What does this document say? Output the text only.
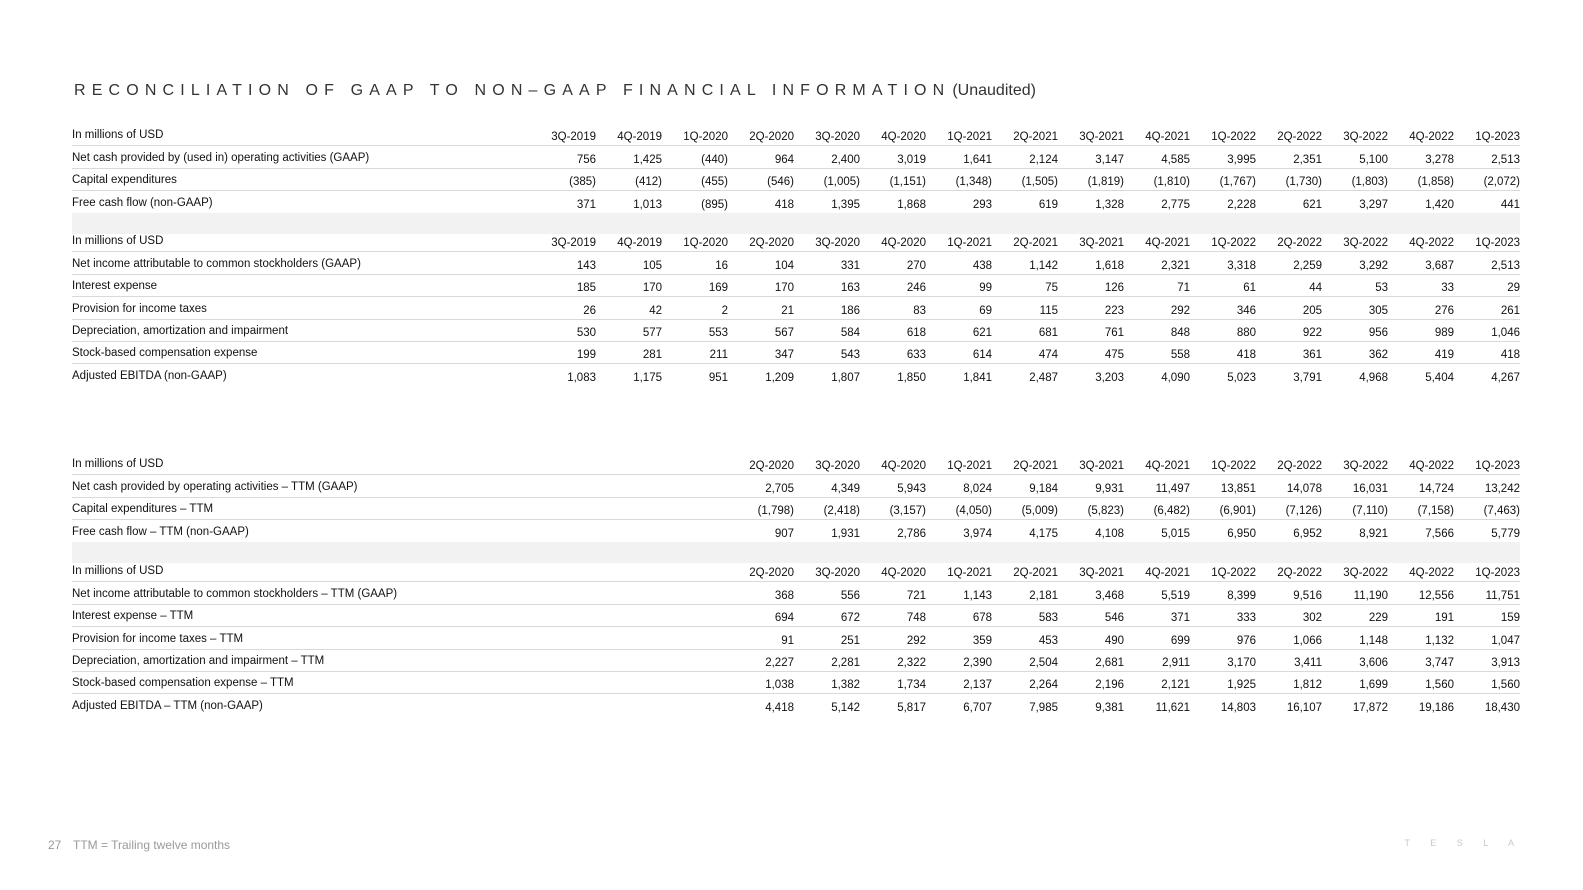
RECONCILIATION OF GAAP TO NON–GAAP FINANCIAL INFORMATION (Unaudited)
In millions of USD	3Q-2019	4Q-2019	1Q-2020	2Q-2020	3Q-2020	4Q-2020	1Q-2021	2Q-2021	3Q-2021	4Q-2021	1Q-2022	2Q-2022	3Q-2022	4Q-2022	1Q-2023
Net cash provided by (used in) operating activities (GAAP)	756	1,425	(440)	964	2,400	3,019	1,641	2,124	3,147	4,585	3,995	2,351	5,100	3,278	2,513
Capital expenditures	(385)	(412)	(455)	(546)	(1,005)	(1,151)	(1,348)	(1,505)	(1,819)	(1,810)	(1,767)	(1,730)	(1,803)	(1,858)	(2,072)
Free cash flow (non-GAAP)	371	1,013	(895)	418	1,395	1,868	293	619	1,328	2,775	2,228	621	3,297	1,420	441
In millions of USD	3Q-2019	4Q-2019	1Q-2020	2Q-2020	3Q-2020	4Q-2020	1Q-2021	2Q-2021	3Q-2021	4Q-2021	1Q-2022	2Q-2022	3Q-2022	4Q-2022	1Q-2023
Net income attributable to common stockholders (GAAP)	143	105	16	104	331	270	438	1,142	1,618	2,321	3,318	2,259	3,292	3,687	2,513
Interest expense	185	170	169	170	163	246	99	75	126	71	61	44	53	33	29
Provision for income taxes	26	42	2	21	186	83	69	115	223	292	346	205	305	276	261
Depreciation, amortization and impairment	530	577	553	567	584	618	621	681	761	848	880	922	956	989	1,046
Stock-based compensation expense	199	281	211	347	543	633	614	474	475	558	418	361	362	419	418
Adjusted EBITDA (non-GAAP)	1,083	1,175	951	1,209	1,807	1,850	1,841	2,487	3,203	4,090	5,023	3,791	4,968	5,404	4,267
In millions of USD	2Q-2020	3Q-2020	4Q-2020	1Q-2021	2Q-2021	3Q-2021	4Q-2021	1Q-2022	2Q-2022	3Q-2022	4Q-2022	1Q-2023
Net cash provided by operating activities – TTM (GAAP)	2,705	4,349	5,943	8,024	9,184	9,931	11,497	13,851	14,078	16,031	14,724	13,242
Capital expenditures – TTM	(1,798)	(2,418)	(3,157)	(4,050)	(5,009)	(5,823)	(6,482)	(6,901)	(7,126)	(7,110)	(7,158)	(7,463)
Free cash flow – TTM (non-GAAP)	907	1,931	2,786	3,974	4,175	4,108	5,015	6,950	6,952	8,921	7,566	5,779
In millions of USD	2Q-2020	3Q-2020	4Q-2020	1Q-2021	2Q-2021	3Q-2021	4Q-2021	1Q-2022	2Q-2022	3Q-2022	4Q-2022	1Q-2023
Net income attributable to common stockholders – TTM (GAAP)	368	556	721	1,143	2,181	3,468	5,519	8,399	9,516	11,190	12,556	11,751
Interest expense – TTM	694	672	748	678	583	546	371	333	302	229	191	159
Provision for income taxes – TTM	91	251	292	359	453	490	699	976	1,066	1,148	1,132	1,047
Depreciation, amortization and impairment – TTM	2,227	2,281	2,322	2,390	2,504	2,681	2,911	3,170	3,411	3,606	3,747	3,913
Stock-based compensation expense – TTM	1,038	1,382	1,734	2,137	2,264	2,196	2,121	1,925	1,812	1,699	1,560	1,560
Adjusted EBITDA – TTM (non-GAAP)	4,418	5,142	5,817	6,707	7,985	9,381	11,621	14,803	16,107	17,872	19,186	18,430
27 TTM = Trailing twelve months	T E S L A
